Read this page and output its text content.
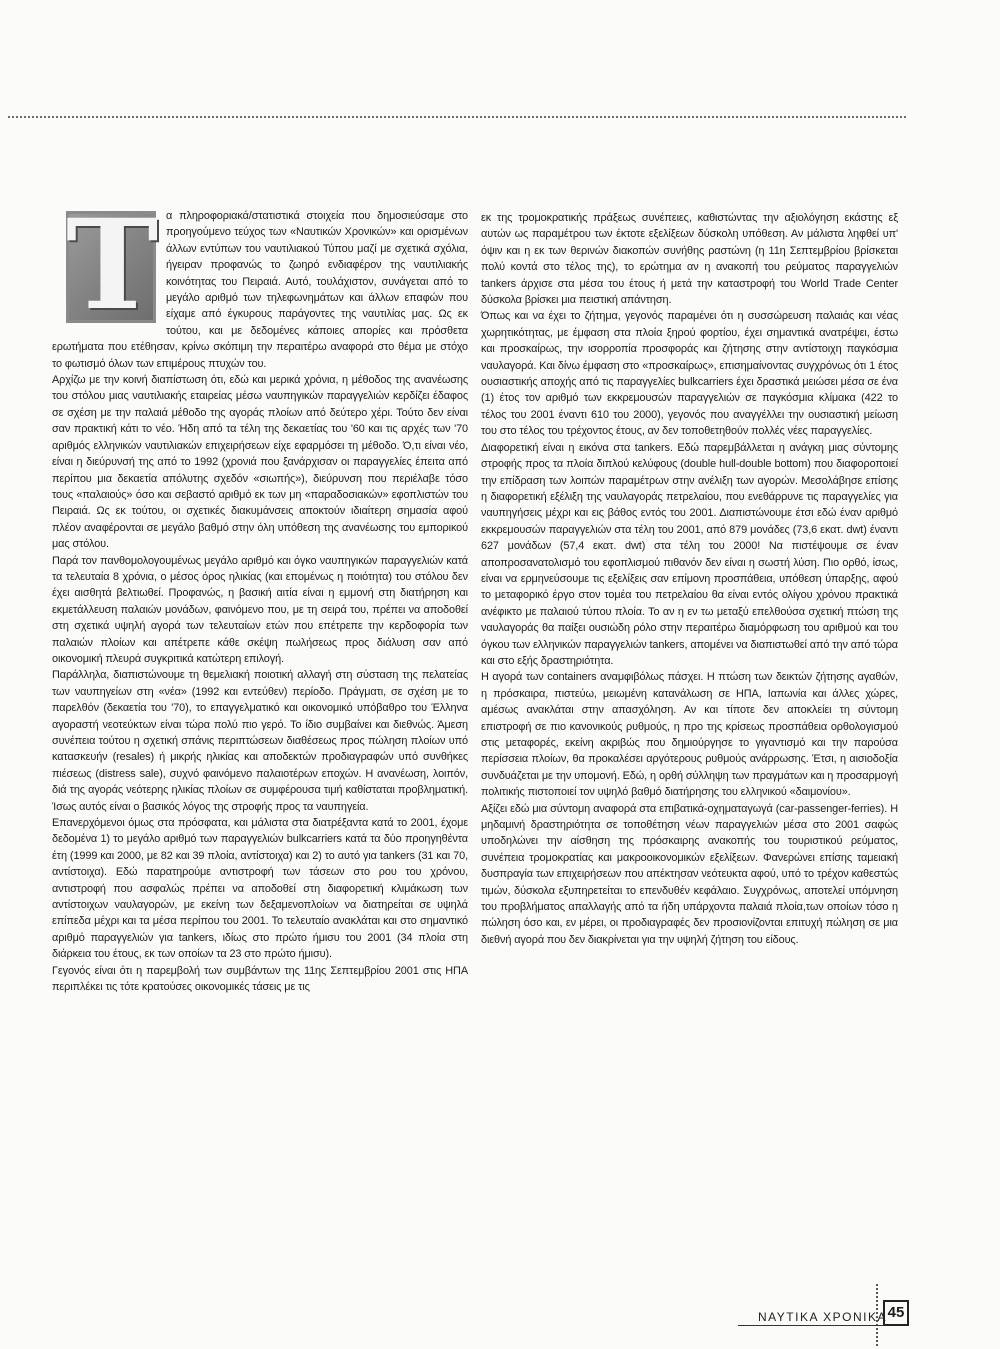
Τ α πληροφοριακά/στατιστικά στοιχεία που δημοσιεύσαμε στο προηγούμενο τεύχος των «Ναυτικών Χρονικών» και ορισμένων άλλων εντύπων του ναυτιλιακού Τύπου μαζί με σχετικά σχόλια, ήγειραν προφανώς το ζωηρό ενδιαφέρον της ναυτιλιακής κοινότητας του Πειραιά. Αυτό, τουλάχιστον, συνάγεται από το μεγάλο αριθμό των τηλεφωνημάτων και άλλων επαφών που είχαμε από έγκυρους παράγοντες της ναυτιλίας μας. Ως εκ τούτου, και με δεδομένες κάποιες απορίες και πρόσθετα ερωτήματα που ετέθησαν, κρίνω σκόπιμη την περαιτέρω αναφορά στο θέμα με στόχο το φωτισμό όλων των επιμέρους πτυχών του.

Αρχίζω με την κοινή διαπίστωση ότι, εδώ και μερικά χρόνια, η μέθοδος της ανανέωσης του στόλου μιας ναυτιλιακής εταιρείας μέσω ναυπηγικών παραγγελιών κερδίζει έδαφος σε σχέση με την παλαιά μέθοδο της αγοράς πλοίων από δεύτερο χέρι. Τούτο δεν είναι σαν πρακτική κάτι το νέο. Ήδη από τα τέλη της δεκαετίας του '60 και τις αρχές των '70 αριθμός ελληνικών ναυτιλιακών επιχειρήσεων είχε εφαρμόσει τη μέθοδο. Ό,τι είναι νέο, είναι η διεύρυνσή της από το 1992 (χρονιά που ξανάρχισαν οι παραγγελίες έπειτα από περίπου μια δεκαετία απόλυτης σχεδόν «σιωπής»), διεύρυνση που περιέλαβε τόσο τους «παλαιούς» όσο και σεβαστό αριθμό εκ των μη «παραδοσιακών» εφοπλιστών του Πειραιά. Ως εκ τούτου, οι σχετικές διακυμάνσεις αποκτούν ιδιαίτερη σημασία αφού πλέον αναφέρονται σε μεγάλο βαθμό στην όλη υπόθεση της ανανέωσης του εμπορικού μας στόλου.

Παρά τον πανθομολογουμένως μεγάλο αριθμό και όγκο ναυπηγικών παραγγελιών κατά τα τελευταία 8 χρόνια, ο μέσος όρος ηλικίας (και επομένως η ποιότητα) του στόλου δεν έχει αισθητά βελτιωθεί. Προφανώς, η βασική αιτία είναι η εμμονή στη διατήρηση και εκμετάλλευση παλαιών μονάδων, φαινόμενο που, με τη σειρά του, πρέπει να αποδοθεί στη σχετικά υψηλή αγορά των τελευταίων ετών που επέτρεπε την κερδοφορία των παλαιών πλοίων και απέτρεπε κάθε σκέψη πωλήσεως προς διάλυση σαν από οικονομική πλευρά συγκριτικά κατώτερη επιλογή.

Παράλληλα, διαπιστώνουμε τη θεμελιακή ποιοτική αλλαγή στη σύσταση της πελατείας των ναυπηγείων στη «νέα» (1992 και εντεύθεν) περίοδο. Πράγματι, σε σχέση με το παρελθόν (δεκαετία του '70), το επαγγελματικό και οικονομικό υπόβαθρο του Έλληνα αγοραστή νεοτεύκτων είναι τώρα πολύ πιο γερό. Το ίδιο συμβαίνει και διεθνώς. Άμεση συνέπεια τούτου η σχετική σπάνις περιπτώσεων διαθέσεως προς πώληση πλοίων υπό κατασκευήν (resales) ή μικρής ηλικίας και αποδεκτών προδιαγραφών υπό συνθήκες πιέσεως (distress sale), συχνό φαινόμενο παλαιοτέρων εποχών. Η ανανέωση, λοιπόν, διά της αγοράς νεότερης ηλικίας πλοίων σε συμφέρουσα τιμή καθίσταται προβληματική. Ίσως αυτός είναι ο βασικός λόγος της στροφής προς τα ναυπηγεία.

Επανερχόμενοι όμως στα πρόσφατα, και μάλιστα στα διατρέξαντα κατά το 2001, έχομε δεδομένα 1) το μεγάλο αριθμό των παραγγελιών bulkcarriers κατά τα δύο προηγηθέντα έτη (1999 και 2000, με 82 και 39 πλοία, αντίστοιχα) και 2) το αυτό για tankers (31 και 70, αντίστοιχα). Εδώ παρατηρούμε αντιστροφή των τάσεων στο ρου του χρόνου, αντιστροφή που ασφαλώς πρέπει να αποδοθεί στη διαφορετική κλιμάκωση των αντίστοιχων ναυλαγορών, με εκείνη των δεξαμενοπλοίων να διατηρείται σε υψηλά επίπεδα μέχρι και τα μέσα περίπου του 2001. Το τελευταίο ανακλάται και στο σημαντικό αριθμό παραγγελιών για tankers, ιδίως στο πρώτο ήμισυ του 2001 (34 πλοία στη διάρκεια του έτους, εκ των οποίων τα 23 στο πρώτο ήμισυ).

Γεγονός είναι ότι η παρεμβολή των συμβάντων της 11ης Σεπτεμβρίου 2001 στις ΗΠΑ περιπλέκει τις τότε κρατούσες οικονομικές τάσεις με τις

εκ της τρομοκρατικής πράξεως συνέπειες, καθιστώντας την αξιολόγηση εκάστης εξ αυτών ως παραμέτρου των έκτοτε εξελίξεων δύσκολη υπόθεση. Αν μάλιστα ληφθεί υπ' όψιν και η εκ των θερινών διακοπών συνήθης ραστώνη (η 11η Σεπτεμβρίου βρίσκεται πολύ κοντά στο τέλος της), το ερώτημα αν η ανακοπή του ρεύματος παραγγελιών tankers άρχισε στα μέσα του έτους ή μετά την καταστροφή του World Trade Center δύσκολα βρίσκει μια πειστική απάντηση.

Όπως και να έχει το ζήτημα, γεγονός παραμένει ότι η συσσώρευση παλαιάς και νέας χωρητικότητας, με έμφαση στα πλοία ξηρού φορτίου, έχει σημαντικά ανατρέψει, έστω και προσκαίρως, την ισορροπία προσφοράς και ζήτησης στην αντίστοιχη παγκόσμια ναυλαγορά. Και δίνω έμφαση στο «προσκαίρως», επισημαίνοντας συγχρόνως ότι 1 έτος ουσιαστικής αποχής από τις παραγγελίες bulkcarriers έχει δραστικά μειώσει μέσα σε ένα (1) έτος τον αριθμό των εκκρεμουσών παραγγελιών σε παγκόσμια κλίμακα (422 το τέλος του 2001 έναντι 610 του 2000), γεγονός που αναγγέλλει την ουσιαστική μείωση του στο τέλος του τρέχοντος έτους, αν δεν τοποθετηθούν πολλές νέες παραγγελίες.

Διαφορετική είναι η εικόνα στα tankers. Εδώ παρεμβάλλεται η ανάγκη μιας σύντομης στροφής προς τα πλοία διπλού κελύφους (double hull-double bottom) που διαφοροποιεί την επίδραση των λοιπών παραμέτρων στην ανέλιξη των αγορών. Μεσολάβησε επίσης η διαφορετική εξέλιξη της ναυλαγοράς πετρελαίου, που ενεθάρρυνε τις παραγγελίες για ναυπηγήσεις μέχρι και εις βάθος εντός του 2001. Διαπιστώνουμε έτσι εδώ έναν αριθμό εκκρεμουσών παραγγελιών στα τέλη του 2001, από 879 μονάδες (73,6 εκατ. dwt) έναντι 627 μονάδων (57,4 εκατ. dwt) στα τέλη του 2000! Να πιστέψουμε σε έναν αποπροσανατολισμό του εφοπλισμού πιθανόν δεν είναι η σωστή λύση. Πιο ορθό, ίσως, είναι να ερμηνεύσουμε τις εξελίξεις σαν επίμονη προσπάθεια, υπόθεση ύπαρξης, αφού το μεταφορικό έργο στον τομέα του πετρελαίου θα είναι εντός ολίγου χρόνου πρακτικά ανέφικτο με παλαιού τύπου πλοία. Το αν η εν τω μεταξύ επελθούσα σχετική πτώση της ναυλαγοράς θα παίξει ουσιώδη ρόλο στην περαιτέρω διαμόρφωση του αριθμού και του όγκου των ελληνικών παραγγελιών tankers, απομένει να διαπιστωθεί από την από τώρα και στο εξής δραστηριότητα.

Η αγορά των containers αναμφιβόλως πάσχει. Η πτώση των δεικτών ζήτησης αγαθών, η πρόσκαιρα, πιστεύω, μειωμένη κατανάλωση σε ΗΠΑ, Ιαπωνία και άλλες χώρες, αμέσως ανακλάται στην απασχόληση. Αν και τίποτε δεν αποκλείει τη σύντομη επιστροφή σε πιο κανονικούς ρυθμούς, η προ της κρίσεως προσπάθεια ορθολογισμού στις μεταφορές, εκείνη ακριβώς που δημιούργησε το γιγαντισμό και την παρούσα περίσσεια πλοίων, θα προκαλέσει αργότερους ρυθμούς ανάρρωσης. Έτσι, η αισιοδοξία συνδυάζεται με την υπομονή. Εδώ, η ορθή σύλληψη των πραγμάτων και η προσαρμογή πολιτικής πιστοποιεί τον υψηλό βαθμό διατήρησης του ελληνικού «δαιμονίου».

Αξίζει εδώ μια σύντομη αναφορά στα επιβατικά-οχηματαγωγά (car-passenger-ferries). Η μηδαμινή δραστηριότητα σε τοποθέτηση νέων παραγγελιών μέσα στο 2001 σαφώς υποδηλώνει την αίσθηση της πρόσκαιρης ανακοπής του τουριστικού ρεύματος, συνέπεια τρομοκρατίας και μακροοικονομικών εξελίξεων. Φανερώνει επίσης ταμειακή δυσπραγία των επιχειρήσεων που απέκτησαν νεότευκτα αφού, υπό το τρέχον καθεστώς τιμών, δύσκολα εξυπηρετείται το επενδυθέν κεφάλαιο. Συγχρόνως, αποτελεί υπόμνηση του προβλήματος απαλλαγής από τα ήδη υπάρχοντα παλαιά πλοία,των οποίων τόσο η πώληση όσο και, εν μέρει, οι προδιαγραφές δεν προσιονίζονται επιτυχή πώληση σε μια διεθνή αγορά που δεν διακρίνεται για την υψηλή ζήτηση του είδους.

ΝΑΥΤΙΚΑ ΧΡΟΝΙΚΑ 45
